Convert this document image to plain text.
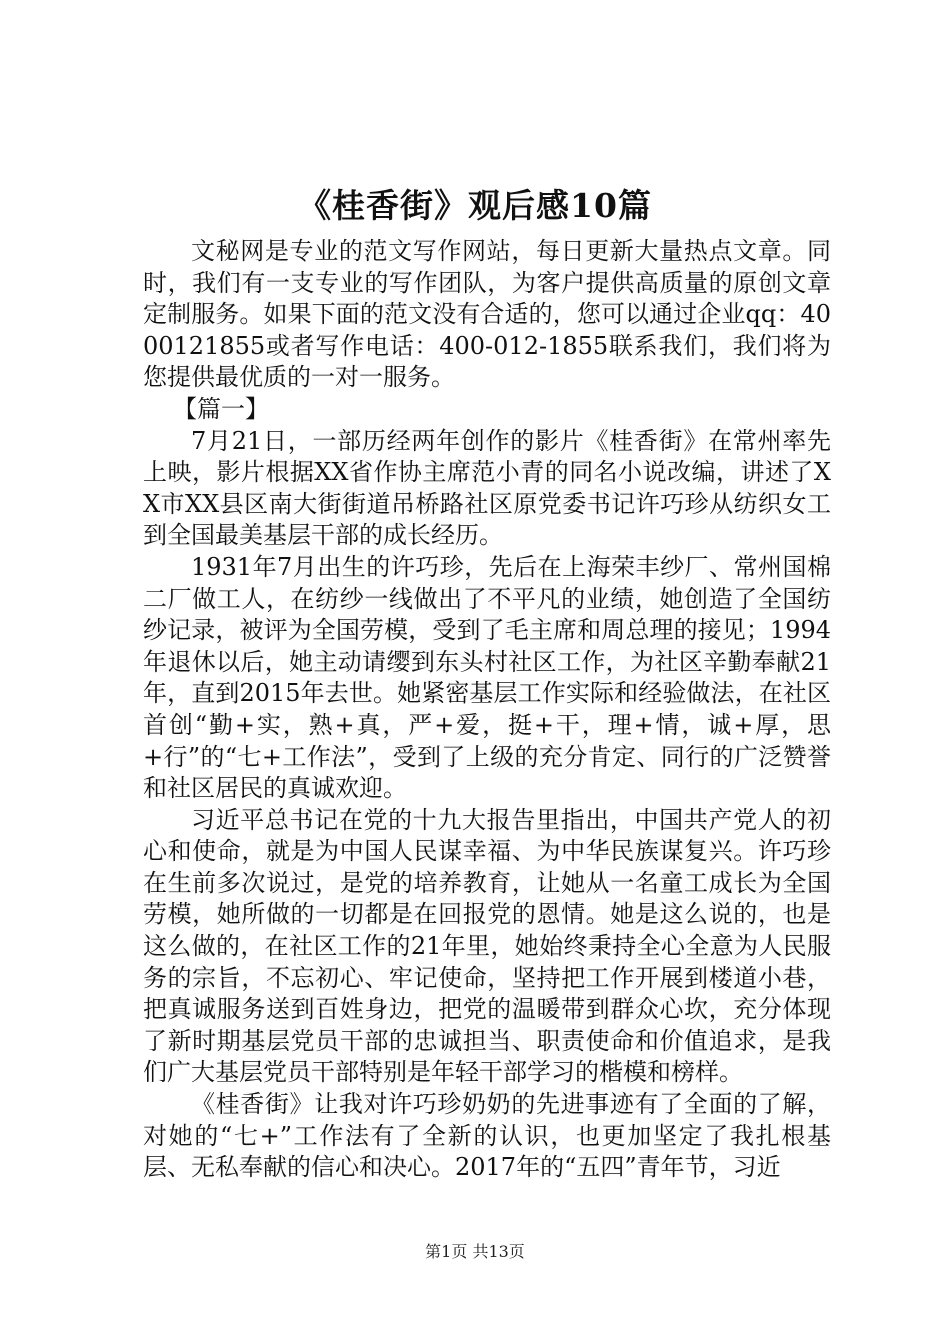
《桂香街》观后感10篇

文秘网是专业的范文写作网站，每日更新大量热点文章。同时，我们有一支专业的写作团队，为客户提供高质量的原创文章定制服务。如果下面的范文没有合适的，您可以通过企业qq：4000121855或者写作电话：400-012-1855联系我们，我们将为您提供最优质的一对一服务。

【篇一】

7月21日，一部历经两年创作的影片《桂香街》在常州率先上映，影片根据XX省作协主席范小青的同名小说改编，讲述了XX市XX县区南大街街道吊桥路社区原党委书记许巧珍从纺织女工到全国最美基层干部的成长经历。

1931年7月出生的许巧珍，先后在上海荣丰纱厂、常州国棉二厂做工人，在纺纱一线做出了不平凡的业绩，她创造了全国纺纱记录，被评为全国劳模，受到了毛主席和周总理的接见；1994年退休以后，她主动请缨到东头村社区工作，为社区辛勤奉献21年，直到2015年去世。她紧密基层工作实际和经验做法，在社区首创“勤+实，熟+真，严+爱，挺+干，理+情，诚+厚，思+行”的“七+工作法”，受到了上级的充分肯定、同行的广泛赞誉和社区居民的真诚欢迎。

习近平总书记在党的十九大报告里指出，中国共产党人的初心和使命，就是为中国人民谋幸福、为中华民族谋复兴。许巧珍在生前多次说过，是党的培养教育，让她从一名童工成长为全国劳模，她所做的一切都是在回报党的恩情。她是这么说的，也是这么做的，在社区工作的21年里，她始终秉持全心全意为人民服务的宗旨，不忘初心、牢记使命，坚持把工作开展到楼道小巷，把真诚服务送到百姓身边，把党的温暖带到群众心坎，充分体现了新时期基层党员干部的忠诚担当、职责使命和价值追求，是我们广大基层党员干部特别是年轻干部学习的楷模和榜样。

《桂香街》让我对许巧珍奶奶的先进事迹有了全面的了解，对她的“七+”工作法有了全新的认识，也更加坚定了我扎根基层、无私奉献的信心和决心。2017年的“五四”青年节，习近

第1页 共13页
